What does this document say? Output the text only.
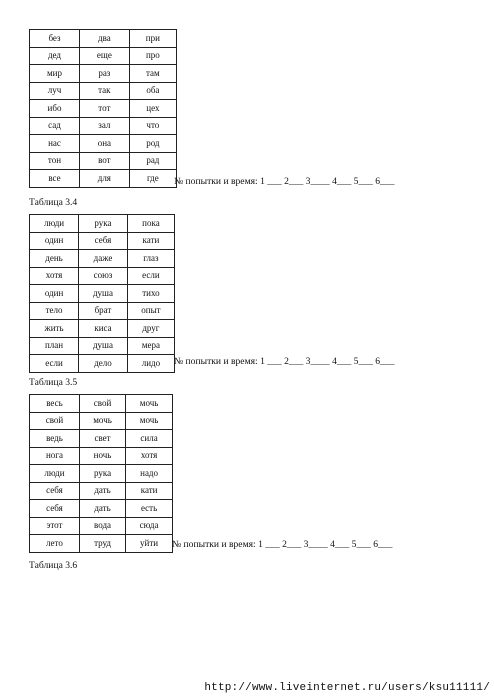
без	два	при
дед	еще	про
мир	раз	там
луч	так	оба
ибо	тот	цех
сад	зал	что
нас	она	род
тон	вот	рад
все	для	где № попытки и время: 1 ___ 2___ 3____ 4___ 5___ 6___
Таблица 3.4
люди	рука	пока
один	себя	кати
день	даже	глаз
хотя	союз	если
один	душа	тихо
тело	брат	опыт
жить	киса	друг
план	душа	мера
если	дело	лидо № попытки и время: 1 ___ 2___ 3____ 4___ 5___ 6___
Таблица 3.5
весь	свой	мочь
свой	мочь	мочь
ведь	свет	сила
нога	ночь	хотя
люди	рука	надо
себя	дать	кати
себя	дать	есть
этот	вода	сюда
лето	труд	уйти № попытки и время: 1 ___ 2___ 3____ 4___ 5___ 6___
Таблица 3.6
http://www.liveinternet.ru/users/ksu11111/
